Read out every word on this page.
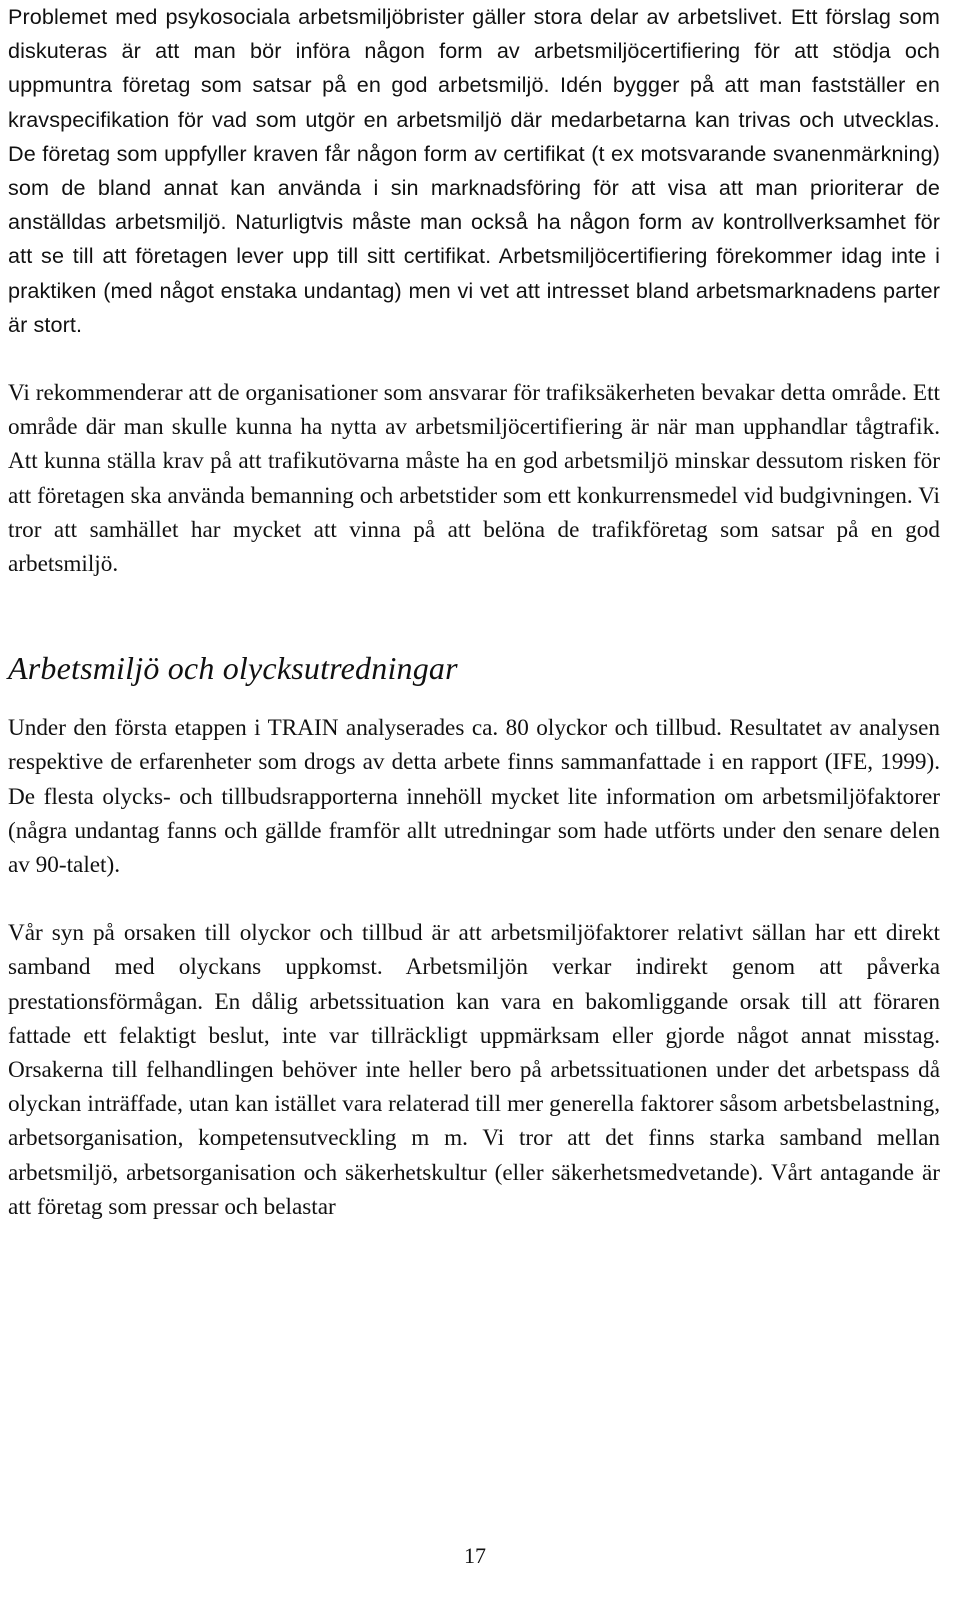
Problemet med psykosociala arbetsmiljöbrister gäller stora delar av arbetslivet. Ett förslag som diskuteras är att man bör införa någon form av arbetsmiljöcertifiering för att stödja och uppmuntra företag som satsar på en god arbetsmiljö. Idén bygger på att man fastställer en kravspecifikation för vad som utgör en arbetsmiljö där medarbetarna kan trivas och utvecklas. De företag som uppfyller kraven får någon form av certifikat (t ex motsvarande svanenmärkning) som de bland annat kan använda i sin marknadsföring för att visa att man prioriterar de anställdas arbetsmiljö. Naturligtvis måste man också ha någon form av kontrollverksamhet för att se till att företagen lever upp till sitt certifikat. Arbetsmiljöcertifiering förekommer idag inte i praktiken (med något enstaka undantag) men vi vet att intresset bland arbetsmarknadens parter är stort.

Vi rekommenderar att de organisationer som ansvarar för trafiksäkerheten bevakar detta område. Ett område där man skulle kunna ha nytta av arbetsmiljöcertifiering är när man upphandlar tågtrafik. Att kunna ställa krav på att trafikutövarna måste ha en god arbetsmiljö minskar dessutom risken för att företagen ska använda bemanning och arbetstider som ett konkurrensmedel vid budgivningen. Vi tror att samhället har mycket att vinna på att belöna de trafikföretag som satsar på en god arbetsmiljö.

Arbetsmiljö och olycksutredningar

Under den första etappen i TRAIN analyserades ca. 80 olyckor och tillbud. Resultatet av analysen respektive de erfarenheter som drogs av detta arbete finns sammanfattade i en rapport (IFE, 1999). De flesta olycks- och tillbudsrapporterna innehöll mycket lite information om arbetsmiljöfaktorer (några undantag fanns och gällde framför allt utredningar som hade utförts under den senare delen av 90-talet).

Vår syn på orsaken till olyckor och tillbud är att arbetsmiljöfaktorer relativt sällan har ett direkt samband med olyckans uppkomst. Arbetsmiljön verkar indirekt genom att påverka prestationsförmågan. En dålig arbetssituation kan vara en bakomliggande orsak till att föraren fattade ett felaktigt beslut, inte var tillräckligt uppmärksam eller gjorde något annat misstag. Orsakerna till felhandlingen behöver inte heller bero på arbetssituationen under det arbetspass då olyckan inträffade, utan kan istället vara relaterad till mer generella faktorer såsom arbetsbelastning, arbetsorganisation, kompetensutveckling m m. Vi tror att det finns starka samband mellan arbetsmiljö, arbetsorganisation och säkerhetskultur (eller säkerhetsmedvetande). Vårt antagande är att företag som pressar och belastar

17
